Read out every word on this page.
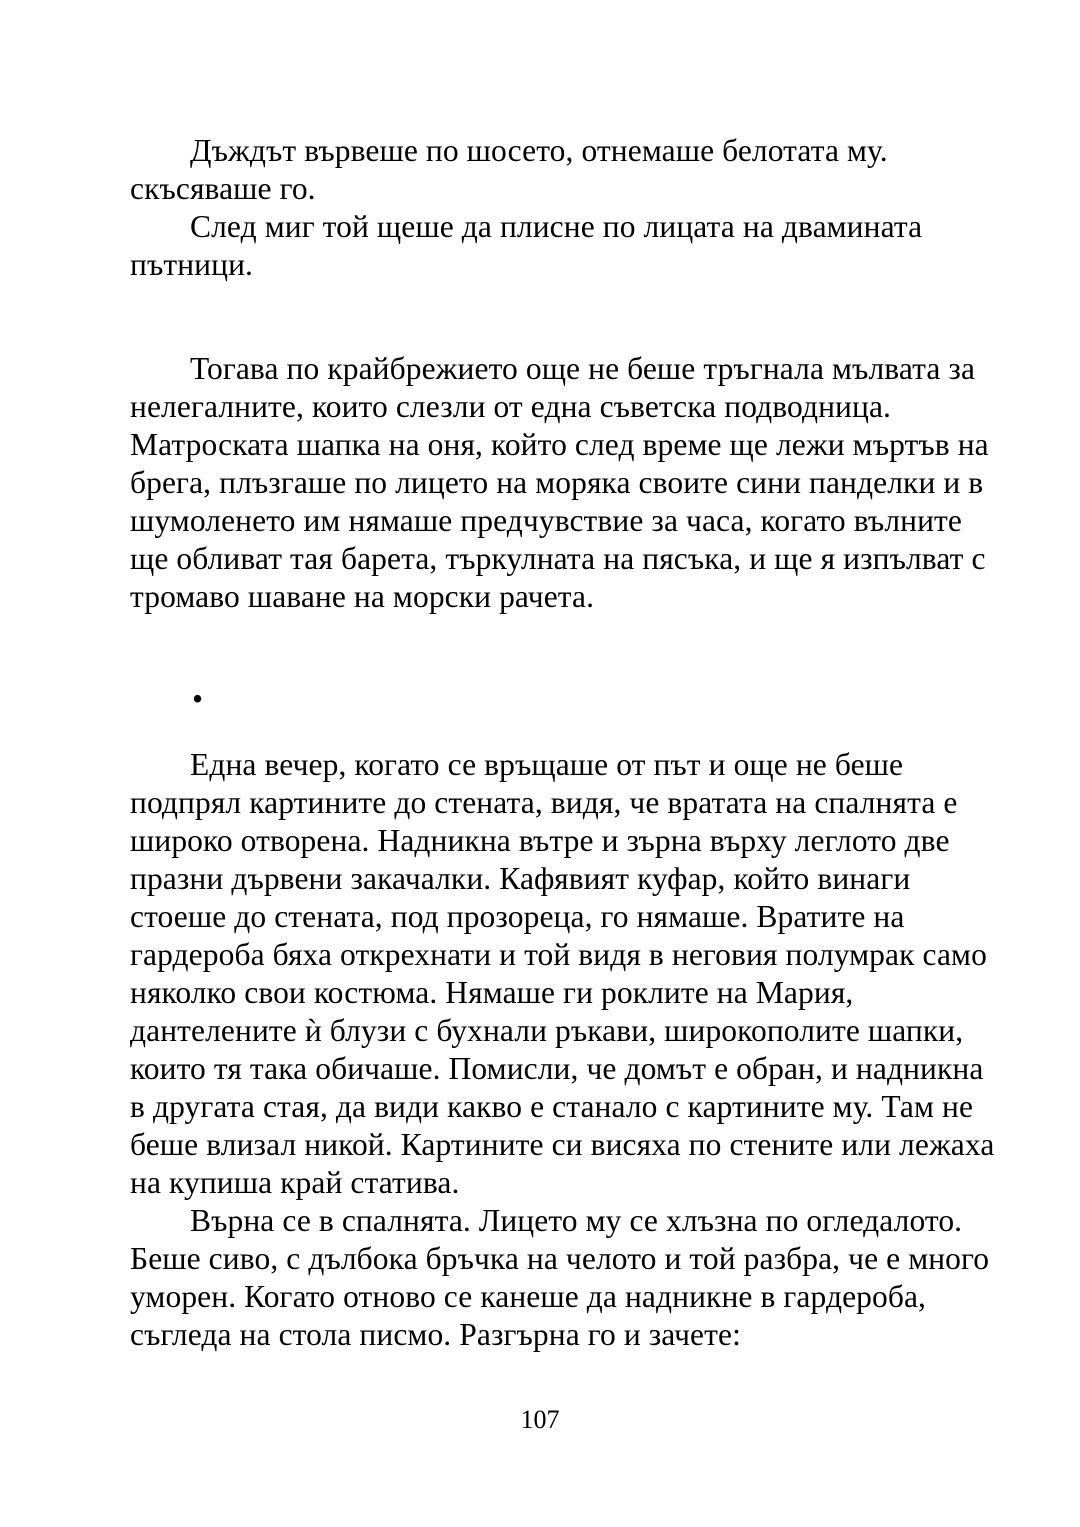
Дъждът вървеше по шосето, отнемаше белотата му.
скъсяваше го.
След миг той щеше да плисне по лицата на двамината
пътници.
Тогава по крайбрежието още не беше тръгнала мълвата за
нелегалните, които слезли от една съветска подводница.
Матроската шапка на оня, който след време ще лежи мъртъв на
брега, плъзгаше по лицето на моряка своите сини панделки и в
шумоленето им нямаше предчувствие за часа, когато вълните
ще обливат тая барета, търкулната на пясъка, и ще я изпълват с
тромаво шаване на морски рачета.
•
Една вечер, когато се връщаше от път и още не беше
подпрял картините до стената, видя, че вратата на спалнята е
широко отворена. Надникна вътре и зърна върху леглото две
празни дървени закачалки. Кафявият куфар, който винаги
стоеше до стената, под прозореца, го нямаше. Вратите на
гардероба бяха открехнати и той видя в неговия полумрак само
няколко свои костюма. Нямаше ги роклите на Мария,
дантелените ѝ блузи с бухнали ръкави, широкополите шапки,
които тя така обичаше. Помисли, че домът е обран, и надникна
в другата стая, да види какво е станало с картините му. Там не
беше влизал никой. Картините си висяха по стените или лежаха
на купиша край статива.
Върна се в спалнята. Лицето му се хлъзна по огледалото.
Беше сиво, с дълбока бръчка на челото и той разбра, че е много
уморен. Когато отново се канеше да надникне в гардероба,
съгледа на стола писмо. Разгърна го и зачете:
107
